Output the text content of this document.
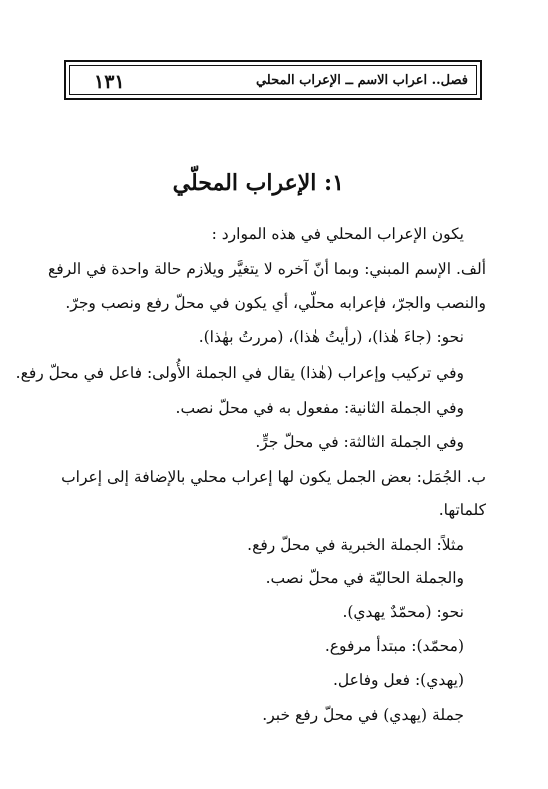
١٣١	فصل.. اعراب الاسم ــ الإعراب المحلي
١: الإعراب المحلّي
يكون الإعراب المحلي في هذه الموارد :
ألف. الإسم المبني: وبما أنّ آخره لا يتغيَّر ويلازم حالة واحدة في الرفع
والنصب والجرّ، فإعرابه محلّي، أي يكون في محلّ رفع ونصب وجرّ.
نحو: (جاءَ هٰذا)، (رأيتُ هٰذا)، (مررتُ بهٰذا).
وفي تركيب وإعراب (هٰذا) يقال في الجملة الأُولى: فاعل في محلّ رفع.
وفي الجملة الثانية: مفعول به في محلّ نصب.
وفي الجملة الثالثة: في محلّ جرٍّ.
ب. الجُمَل: بعض الجمل يكون لها إعراب محلي بالإضافة إلى إعراب
كلماتها.
مثلاً: الجملة الخبرية في محلّ رفع.
والجملة الحاليّة في محلّ نصب.
نحو: (محمّدٌ يهدي).
(محمّد): مبتدأ مرفوع.
(يهدي): فعل وفاعل.
جملة (يهدي) في محلّ رفع خبر.
